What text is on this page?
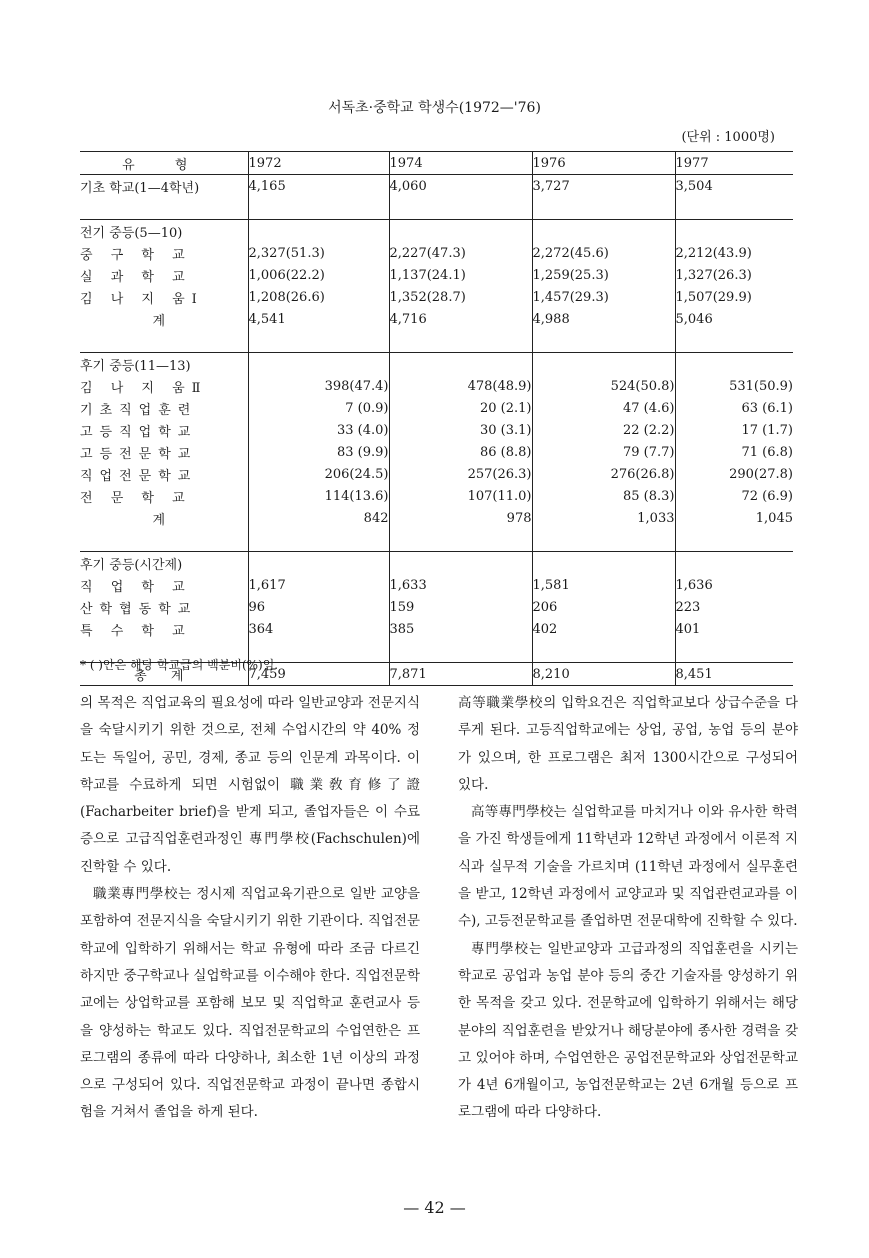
서독초·중학교 학생수(1972—'76)
(단위 : 1000명)
유 형	1972	1974	1976	1977
기초 학교(1—4학년)	4,165	4,060	3,727	3,504

전기 중등(5—10)				
중 구 학 교	2,327(51.3)	2,227(47.3)	2,272(45.6)	2,212(43.9)
실 과 학 교	1,006(22.2)	1,137(24.1)	1,259(25.3)	1,327(26.3)
김 나 지 움Ⅰ	1,208(26.6)	1,352(28.7)	1,457(29.3)	1,507(29.9)
계	4,541	4,716	4,988	5,046

후기 중등(11—13)				
김 나 지 움Ⅱ	398(47.4)	478(48.9)	524(50.8)	531(50.9)
기초직업훈련	7 (0.9)	20 (2.1)	47 (4.6)	63 (6.1)
고등직업학교	33 (4.0)	30 (3.1)	22 (2.2)	17 (1.7)
고등전문학교	83 (9.9)	86 (8.8)	79 (7.7)	71 (6.8)
직업전문학교	206(24.5)	257(26.3)	276(26.8)	290(27.8)
전 문 학 교	114(13.6)	107(11.0)	85 (8.3)	72 (6.9)
계	842	978	1,033	1,045

후기 중등(시간제)				
직 업 학 교	1,617	1,633	1,581	1,636
산학협동학교	96	159	206	223
특 수 학 교	364	385	402	401

총 계	7,459	7,871	8,210	8,451
* ( )안은 해당 학교급의 백분비(%)임.

의 목적은 직업교육의 필요성에 따라 일반교양과 전문지식을 숙달시키기 위한 것으로, 전체 수업시간의 약 40% 정도는 독일어, 공민, 경제, 종교 등의 인문계 과목이다. 이 학교를 수료하게 되면 시험없이 職業敎育修了證(Facharbeiter brief)을 받게 되고, 졸업자들은 이 수료증으로 고급직업훈련과정인 專門學校(Fachschulen)에 진학할 수 있다.

職業專門學校는 정시제 직업교육기관으로 일반 교양을 포함하여 전문지식을 숙달시키기 위한 기관이다. 직업전문학교에 입학하기 위해서는 학교 유형에 따라 조금 다르긴 하지만 중구학교나 실업학교를 이수해야 한다. 직업전문학교에는 상업학교를 포함해 보모 및 직업학교 훈련교사 등을 양성하는 학교도 있다. 직업전문학교의 수업연한은 프로그램의 종류에 따라 다양하나, 최소한 1년 이상의 과정으로 구성되어 있다. 직업전문학교 과정이 끝나면 종합시험을 거쳐서 졸업을 하게 된다.

高等職業學校의 입학요건은 직업학교보다 상급수준을 다루게 된다. 고등직업학교에는 상업, 공업, 농업 등의 분야가 있으며, 한 프로그램은 최저 1300시간으로 구성되어 있다.

高等專門學校는 실업학교를 마치거나 이와 유사한 학력을 가진 학생들에게 11학년과 12학년 과정에서 이론적 지식과 실무적 기술을 가르치며 (11학년 과정에서 실무훈련을 받고, 12학년 과정에서 교양교과 및 직업관련교과를 이수), 고등전문학교를 졸업하면 전문대학에 진학할 수 있다.

專門學校는 일반교양과 고급과정의 직업훈련을 시키는 학교로 공업과 농업 분야 등의 중간 기술자를 양성하기 위한 목적을 갖고 있다. 전문학교에 입학하기 위해서는 해당분야의 직업훈련을 받았거나 해당분야에 종사한 경력을 갖고 있어야 하며, 수업연한은 공업전문학교와 상업전문학교가 4년 6개월이고, 농업전문학교는 2년 6개월 등으로 프로그램에 따라 다양하다.

— 42 —
